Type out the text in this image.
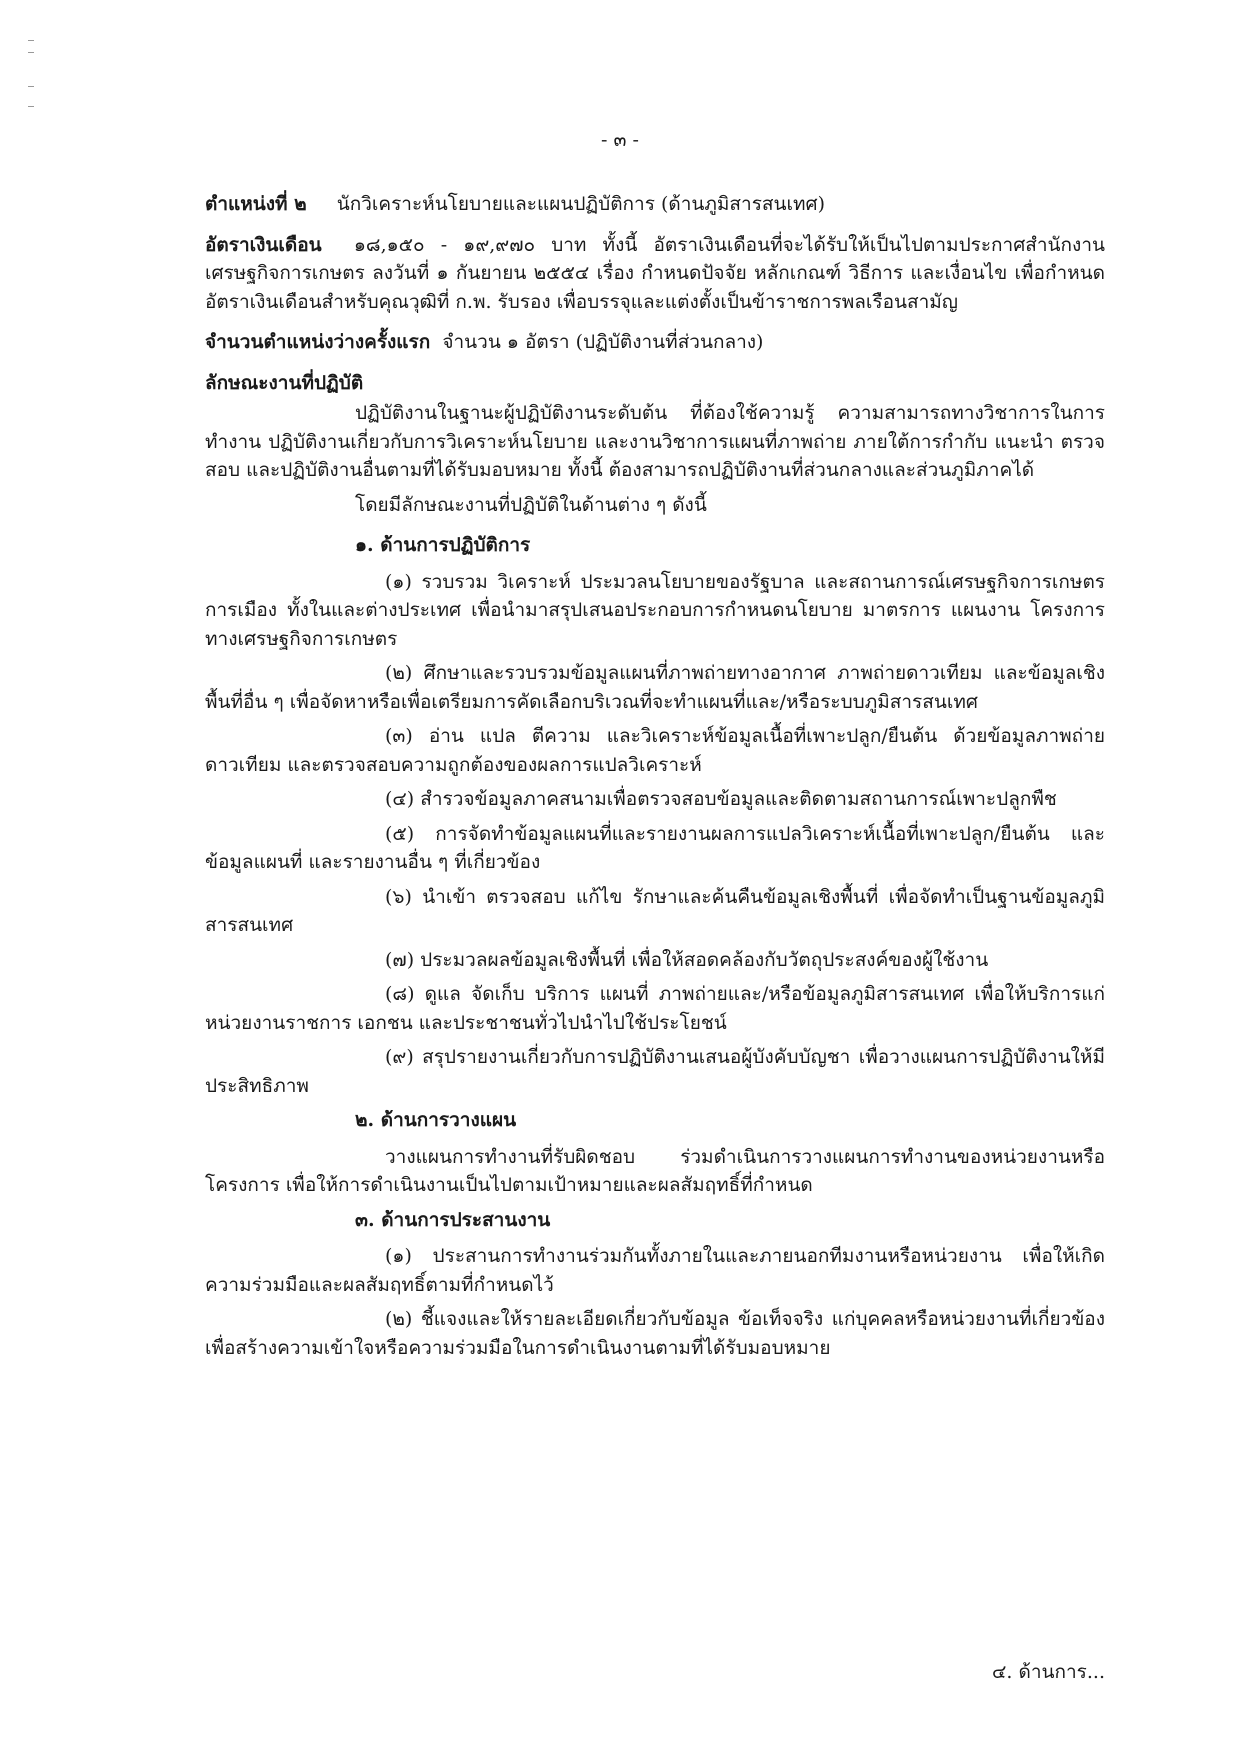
- ๓ -

ตำแหน่งที่ ๒ นักวิเคราะห์นโยบายและแผนปฏิบัติการ (ด้านภูมิสารสนเทศ)

อัตราเงินเดือน ๑๘,๑๕๐ - ๑๙,๙๗๐ บาท ทั้งนี้ อัตราเงินเดือนที่จะได้รับให้เป็นไปตามประกาศสำนักงานเศรษฐกิจการเกษตร ลงวันที่ ๑ กันยายน ๒๕๕๔ เรื่อง กำหนดปัจจัย หลักเกณฑ์ วิธีการ และเงื่อนไข เพื่อกำหนดอัตราเงินเดือนสำหรับคุณวุฒิที่ ก.พ. รับรอง เพื่อบรรจุและแต่งตั้งเป็นข้าราชการพลเรือนสามัญ

จำนวนตำแหน่งว่างครั้งแรก จำนวน ๑ อัตรา (ปฏิบัติงานที่ส่วนกลาง)

ลักษณะงานที่ปฏิบัติ

ปฏิบัติงานในฐานะผู้ปฏิบัติงานระดับต้น ที่ต้องใช้ความรู้ ความสามารถทางวิชาการในการทำงาน ปฏิบัติงานเกี่ยวกับการวิเคราะห์นโยบาย และงานวิชาการแผนที่ภาพถ่าย ภายใต้การกำกับ แนะนำ ตรวจสอบ และปฏิบัติงานอื่นตามที่ได้รับมอบหมาย ทั้งนี้ ต้องสามารถปฏิบัติงานที่ส่วนกลางและส่วนภูมิภาคได้

โดยมีลักษณะงานที่ปฏิบัติในด้านต่าง ๆ ดังนี้

๑. ด้านการปฏิบัติการ

(๑) รวบรวม วิเคราะห์ ประมวลนโยบายของรัฐบาล และสถานการณ์เศรษฐกิจการเกษตร การเมือง ทั้งในและต่างประเทศ เพื่อนำมาสรุปเสนอประกอบการกำหนดนโยบาย มาตรการ แผนงาน โครงการทางเศรษฐกิจการเกษตร

(๒) ศึกษาและรวบรวมข้อมูลแผนที่ภาพถ่ายทางอากาศ ภาพถ่ายดาวเทียม และข้อมูลเชิงพื้นที่อื่น ๆ เพื่อจัดหาหรือเพื่อเตรียมการคัดเลือกบริเวณที่จะทำแผนที่และ/หรือระบบภูมิสารสนเทศ

(๓) อ่าน แปล ตีความ และวิเคราะห์ข้อมูลเนื้อที่เพาะปลูก/ยืนต้น ด้วยข้อมูลภาพถ่ายดาวเทียม และตรวจสอบความถูกต้องของผลการแปลวิเคราะห์

(๔) สำรวจข้อมูลภาคสนามเพื่อตรวจสอบข้อมูลและติดตามสถานการณ์เพาะปลูกพืช

(๕) การจัดทำข้อมูลแผนที่และรายงานผลการแปลวิเคราะห์เนื้อที่เพาะปลูก/ยืนต้น และข้อมูลแผนที่ และรายงานอื่น ๆ ที่เกี่ยวข้อง

(๖) นำเข้า ตรวจสอบ แก้ไข รักษาและค้นคืนข้อมูลเชิงพื้นที่ เพื่อจัดทำเป็นฐานข้อมูลภูมิสารสนเทศ

(๗) ประมวลผลข้อมูลเชิงพื้นที่ เพื่อให้สอดคล้องกับวัตถุประสงค์ของผู้ใช้งาน

(๘) ดูแล จัดเก็บ บริการ แผนที่ ภาพถ่ายและ/หรือข้อมูลภูมิสารสนเทศ เพื่อให้บริการแก่หน่วยงานราชการ เอกชน และประชาชนทั่วไปนำไปใช้ประโยชน์

(๙) สรุปรายงานเกี่ยวกับการปฏิบัติงานเสนอผู้บังคับบัญชา เพื่อวางแผนการปฏิบัติงานให้มีประสิทธิภาพ

๒. ด้านการวางแผน

วางแผนการทำงานที่รับผิดชอบ ร่วมดำเนินการวางแผนการทำงานของหน่วยงานหรือโครงการ เพื่อให้การดำเนินงานเป็นไปตามเป้าหมายและผลสัมฤทธิ์ที่กำหนด

๓. ด้านการประสานงาน

(๑) ประสานการทำงานร่วมกันทั้งภายในและภายนอกทีมงานหรือหน่วยงาน เพื่อให้เกิดความร่วมมือและผลสัมฤทธิ์ตามที่กำหนดไว้

(๒) ชี้แจงและให้รายละเอียดเกี่ยวกับข้อมูล ข้อเท็จจริง แก่บุคคลหรือหน่วยงานที่เกี่ยวข้อง เพื่อสร้างความเข้าใจหรือความร่วมมือในการดำเนินงานตามที่ได้รับมอบหมาย

๔. ด้านการ...
